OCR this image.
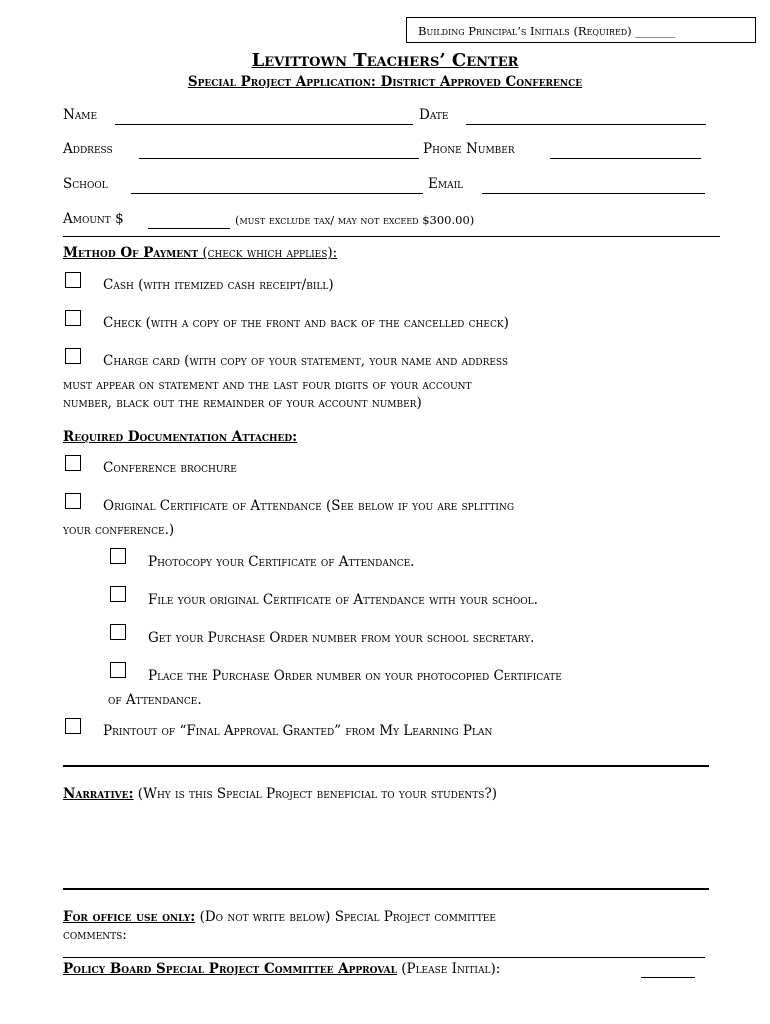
Building Principal’s Initials (Required) _______
Levittown Teachers’ Center
Special Project Application: District Approved Conference
Name	Date
Address	Phone Number
School	Email
Amount $	(must exclude tax/ may not exceed $300.00)
Method Of Payment (check which applies):
Cash (with itemized cash receipt/bill)
Check (with a copy of the front and back of the cancelled check)
Charge card (with copy of your statement, your name and address
must appear on statement and the last four digits of your account
number, black out the remainder of your account number)
Required Documentation Attached:
Conference brochure
Original Certificate of Attendance (See below if you are splitting
your conference.)
Photocopy your Certificate of Attendance.
File your original Certificate of Attendance with your school.
Get your Purchase Order number from your school secretary.
Place the Purchase Order number on your photocopied Certificate
of Attendance.
Printout of “Final Approval Granted” from My Learning Plan
Narrative: (Why is this Special Project beneficial to your students?)
For office use only: (Do not write below) Special Project committee
comments:
Policy Board Special Project Committee Approval (Please Initial):
